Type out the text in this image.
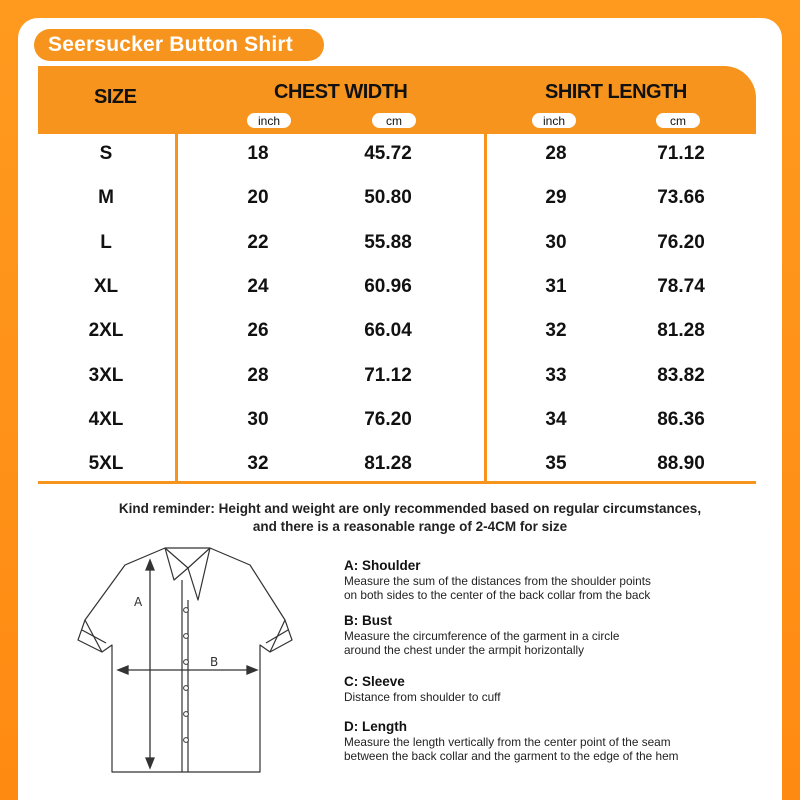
Seersucker Button Shirt
SIZE	CHEST WIDTH	SHIRT LENGTH
inch	cm	inch	cm
S	18	45.72	28	71.12
M	20	50.80	29	73.66
L	22	55.88	30	76.20
XL	24	60.96	31	78.74
2XL	26	66.04	32	81.28
3XL	28	71.12	33	83.82
4XL	30	76.20	34	86.36
5XL	32	81.28	35	88.90
Kind reminder: Height and weight are only recommended based on regular circumstances,
and there is a reasonable range of 2-4CM for size
A
B
A: Shoulder
Measure the sum of the distances from the shoulder points
on both sides to the center of the back collar from the back
B: Bust
Measure the circumference of the garment in a circle
around the chest under the armpit horizontally
C: Sleeve
Distance from shoulder to cuff
D: Length
Measure the length vertically from the center point of the seam
between the back collar and the garment to the edge of the hem
